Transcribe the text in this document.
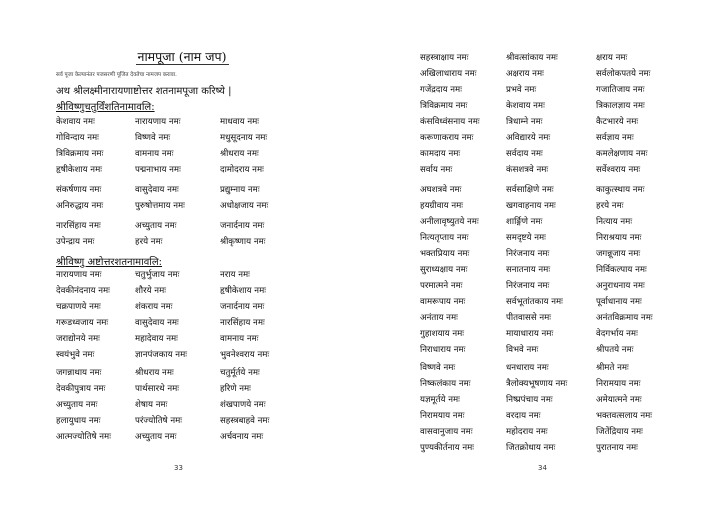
नामपूजा (नाम जप)
सर्व पूजा केल्यानंतर पजसरणी पूजित देवतेचा नामजप करावा.
अथ श्रीलक्ष्मीनारायणाष्टोत्तर शतनामपूजा करिष्ये |
श्रीविष्णुचतुर्विंशतिनामावलि:
केशवाय नमः	नारायणाय नमः	माधवाय नमः
गोविन्दाय नमः	विष्णवे नमः	मधुसूदनाय नमः
त्रिविक्रमाय नमः	वामनाय नमः	श्रीधराय नमः
हृषीकेशाय नमः	पद्मनाभाय नमः	दामोदराय नमः
संकर्षणाय नमः	वासुदेवाय नमः	प्रद्युम्नाय नमः
अनिरुद्धाय नमः	पुरुषोत्तमाय नमः	अधोक्षजाय नमः
नारसिंहाय नमः	अच्युताय नमः	जनार्दनाय नमः
उपेन्द्राय नमः	हरये नमः	श्रीकृष्णाय नमः
श्रीविष्णु अष्टोत्तरशतनामावलि:
नारायणाय नमः	चतुर्भुजाय नमः	नराय नमः
देवकीनंदनाय नमः	शौरये नमः	हृषीकेशाय नमः
चक्रपाणये नमः	शंकराय नमः	जनार्दनाय नमः
गरूडध्वजाय नमः	वासुदेवाय नमः	नारसिंहाय नमः
जराद्योनये नमः	महादेवाय नमः	वामनाय नमः
स्वयंभुवे नमः	ज्ञानपंजकाय नमः	भुवनेश्वराय नमः
जगन्नाथाय नमः	श्रीधराय नमः	चतुर्मूर्तये नमः
देवकीपुत्राय नमः	पार्थसारथे नमः	हरिणे नमः
अच्युताय नमः	शेषाय नमः	शंखपाणये नमः
हलायुधाय नमः	परंज्योतिषे नमः	सहस्त्रबाहवे नमः
आत्मज्योतिषे नमः	अच्युताय नमः	अर्चवनाय नमः
33
सहस्त्राक्षाय नमः	श्रीवत्सांकाय नमः	क्षराय नमः
अखिलाधाराय नमः	अक्षराय नमः	सर्वलोकपतये नमः
गजेंद्रदाय नमः	प्रभवे नमः	गजातिजाय नमः
त्रिविक्रमाय नमः	केशवाय नमः	त्रिकालज्ञाय नमः
कंसविध्वंसनाय नमः	त्रिधाम्ने नमः	कैटभारये नमः
करूणाकराय नमः	अविद्यारये नमः	सर्वज्ञाय नमः
कामदाय नमः	सर्वदाय नमः	कमलेक्षणाय नमः
सर्वाय नमः	कंसशत्रवे नमः	सर्वेश्वराय नमः
अघशत्रवे नमः	सर्वसाक्षिणे नमः	काकुत्स्थाय नमः
हयग्रीवाय नमः	खगवाहनाय नमः	हरये नमः
अनीलावृष्युतये नमः	शार्ङ्गिणे नमः	नित्याय नमः
नित्यतृप्ताय नमः	समदृष्टये नमः	निराश्रयाय नमः
भक्तप्रियाय नमः	निरंजनाय नमः	जगन्नूजाय नमः
सुराध्यक्षाय नमः	सनातनाय नमः	निर्विकल्पाय नमः
परमात्मने नमः	निरंजनाय नमः	अनुराधनाय नमः
वामरूपाय नमः	सर्वभूतांतकाय नमः	पूर्वाधानाय नमः
अनंताय नमः	पीतवाससे नमः	अनंतविक्रमाय नमः
गुहाशयाय नमः	मायाधाराय नमः	वेदगर्भाय नमः
निराधाराय नमः	विभवे नमः	श्रीपतये नमः
विष्णवे नमः	धनधाराय नमः	श्रीमते नमः
निष्कलंकाय नमः	त्रैलोक्यभूषणाय नमः	निरामयाय नमः
यज्ञमूर्तये नमः	निष्प्रपंचाय नमः	अमेयात्मने नमः
निरामयाय नमः	वरदाय नमः	भक्तवत्सलाय नमः
वासवानुजाय नमः	महोदराय नमः	जितेंद्रियाय नमः
पुण्यकीर्तनाय नमः	जितक्रोधाय नमः	पुरातनाय नमः
34
